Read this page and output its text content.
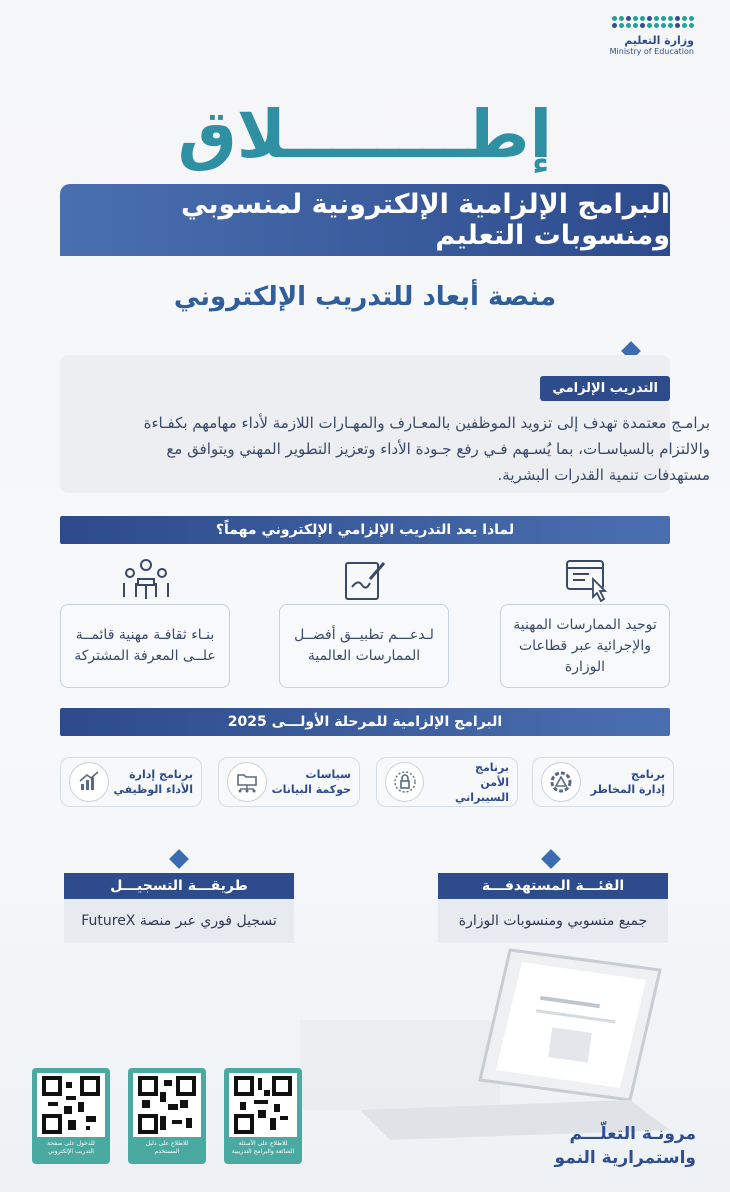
وزارة التعليم
Ministry of Education
إطــــــــلاق
البرامج الإلزامية الإلكترونية لمنسوبي ومنسوبات التعليم
منصة أبعاد للتدريب الإلكتروني
التدريب الإلزامي
برامـج معتمدة تهدف إلى تزويد الموظفين بالمعـارف والمهـارات اللازمة لأداء مهامهم بكفـاءة والالتزام بالسياسـات، بما يُسـهم فـي رفع جـودة الأداء وتعزيز التطوير المهني ويتوافق مع مستهدفات تنمية القدرات البشرية.
لماذا يعد التدريب الإلزامي الإلكتروني مهماً؟
توحيد الممارسات المهنية والإجرائية عبر قطاعات الوزارة
لـدعـــم تطبيــق أفضــل الممارسات العالمية
بنـاء ثقافـة مهنية قائمــة علــى المعرفة المشتركة
البرامج الإلزامية للمرحلة الأولـــى 2025
برنامج
إدارة المخاطر
برنامج
الأمن السيبراني
سياسات
حوكمة البيانات
برنامج إدارة
الأداء الوظيفي
الفئـــة المستهدفـــة
جميع منسوبي ومنسوبات الوزارة
طريقـــة التسجيـــل
تسجيل فوري عبر منصة FutureX
للدخول على صفحة التدريب الإلكتروني
للاطلاع على دليل المستخدم
للاطلاع على الأسئلة الشائعة والبرامج التدريبية
مرونـة التعلّـــم
واستمرارية النمو
